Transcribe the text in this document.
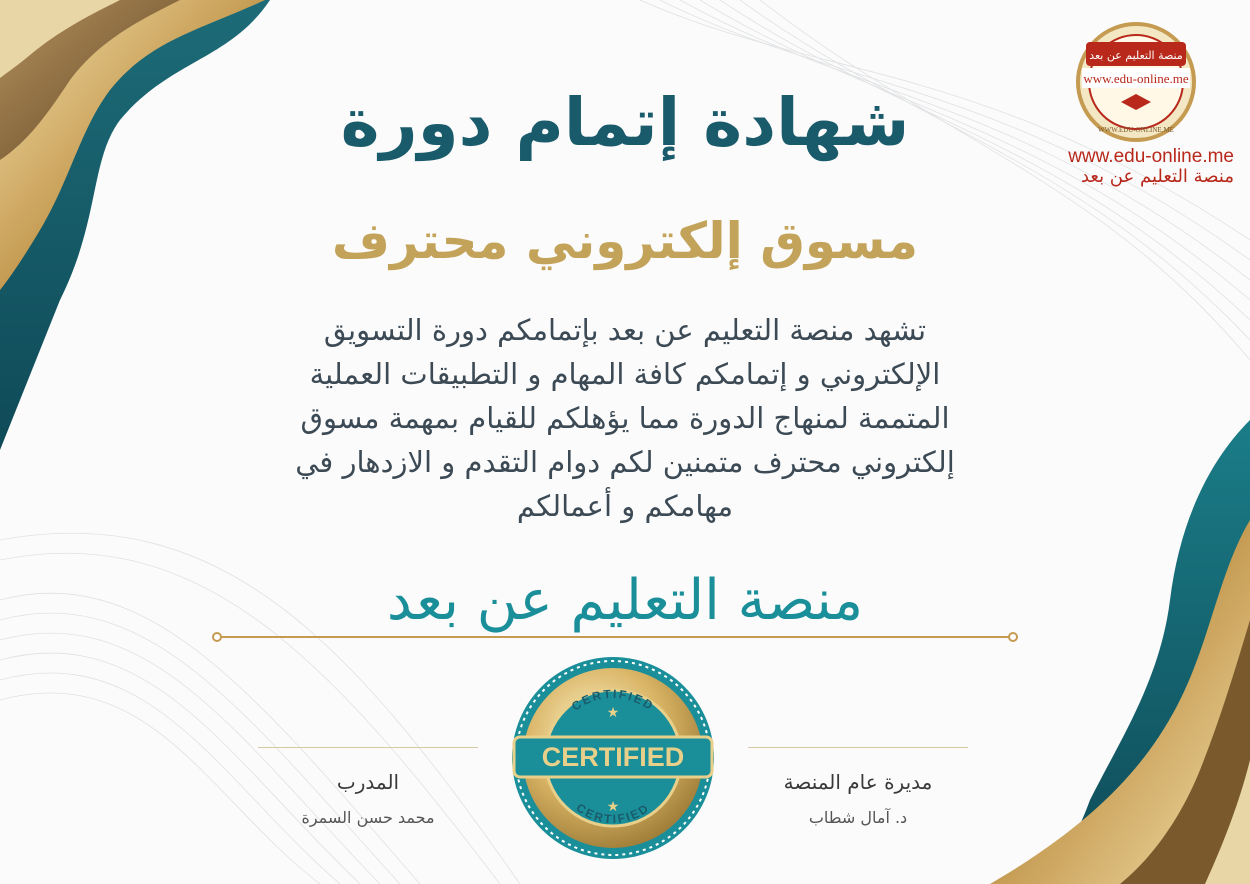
منصة التعليم عن بعد
www.edu-online.me
WWW.EDU-ONLINE.ME
www.edu-online.me
منصة التعليم عن بعد
شهادة إتمام دورة
مسوق إلكتروني محترف
تشهد منصة التعليم عن بعد بإتمامكم دورة التسويق
الإلكتروني و إتمامكم كافة المهام و التطبيقات العملية
المتممة لمنهاج الدورة مما يؤهلكم للقيام بمهمة مسوق
إلكتروني محترف متمنين لكم دوام التقدم و الازدهار في
مهامكم و أعمالكم
منصة التعليم عن بعد
مديرة عام المنصة
د. آمال شطاب
المدرب
محمد حسن السمرة
CERTIFIED
CERTIFIED
★
★
CERTIFIED
